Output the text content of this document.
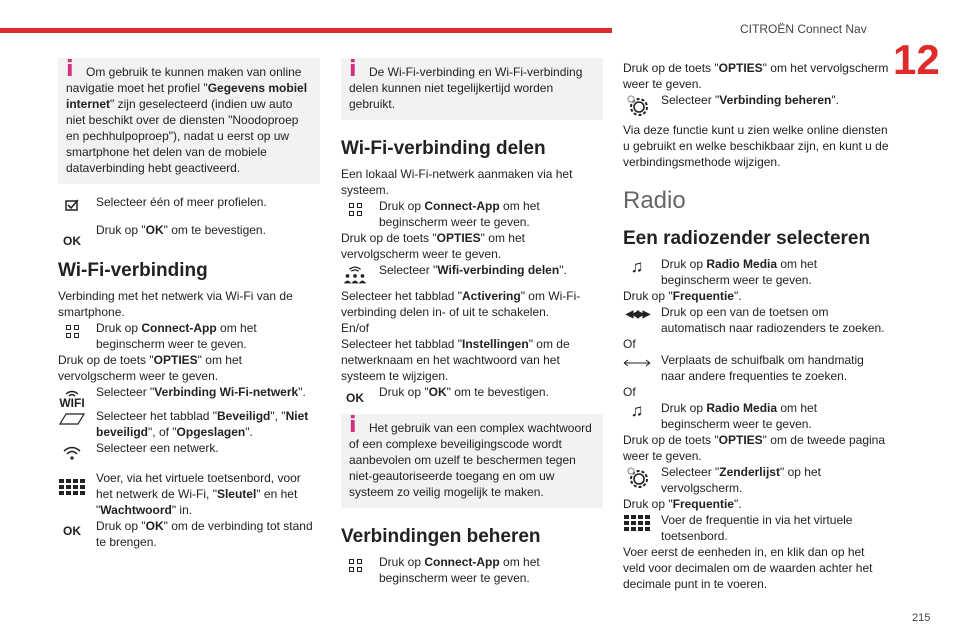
CITROËN Connect Nav
12
215
i	Om gebruik te kunnen maken van online navigatie moet het profiel "Gegevens mobiel internet" zijn geselecteerd (indien uw auto niet beschikt over de diensten "Noodoproep en pechhulpoproep"), nadat u eerst op uw smartphone het delen van de mobiele dataverbinding hebt geactiveerd.

Selecteer één of meer profielen.

OK

Druk op "OK" om te bevestigen.

Wi-Fi-verbinding

Verbinding met het netwerk via Wi-Fi van de smartphone.

Druk op Connect-App om het beginscherm weer te geven.

Druk op de toets "OPTIES" om het vervolgscherm weer te geven.

WIFI

Selecteer "Verbinding Wi-Fi-netwerk".

Selecteer het tabblad "Beveiligd", "Niet beveiligd", of "Opgeslagen".

Selecteer een netwerk.

Voer, via het virtuele toetsenbord, voor het netwerk de Wi-Fi, "Sleutel" en het "Wachtwoord" in.

OK	Druk op "OK" om de verbinding tot stand te brengen.

i	De Wi-Fi-verbinding en Wi-Fi-verbinding delen kunnen niet tegelijkertijd worden gebruikt.

Wi-Fi-verbinding delen

Een lokaal Wi-Fi-netwerk aanmaken via het systeem.

Druk op Connect-App om het beginscherm weer te geven.

Druk op de toets "OPTIES" om het vervolgscherm weer te geven.

Selecteer "Wifi-verbinding delen".

Selecteer het tabblad "Activering" om Wi-Fi-verbinding delen in- of uit te schakelen.

En/of

Selecteer het tabblad "Instellingen" om de netwerknaam en het wachtwoord van het systeem te wijzigen.

OK	Druk op "OK" om te bevestigen.

i	Het gebruik van een complex wachtwoord of een complexe beveiligingscode wordt aanbevolen om uzelf te beschermen tegen niet-geautoriseerde toegang en om uw systeem zo veilig mogelijk te maken.

Verbindingen beheren

Druk op Connect-App om het beginscherm weer te geven.

Druk op de toets "OPTIES" om het vervolgscherm weer te geven.

Selecteer "Verbinding beheren".

Via deze functie kunt u zien welke online diensten u gebruikt en welke beschikbaar zijn, en kunt u de verbindingsmethode wijzigen.

Radio
Een radiozender selecteren
♫	Druk op Radio Media om het beginscherm weer te geven.

Druk op "Frequentie".

◀◀▶▶ Druk op een van de toetsen om automatisch naar radiozenders te zoeken.

Of

Verplaats de schuifbalk om handmatig naar andere frequenties te zoeken.

Of

♫	Druk op Radio Media om het beginscherm weer te geven.

Druk op de toets "OPTIES" om de tweede pagina weer te geven.

Selecteer "Zenderlijst" op het vervolgscherm.

Druk op "Frequentie".

Voer de frequentie in via het virtuele toetsenbord.

Voer eerst de eenheden in, en klik dan op het veld voor decimalen om de waarden achter het decimale punt in te voeren.
